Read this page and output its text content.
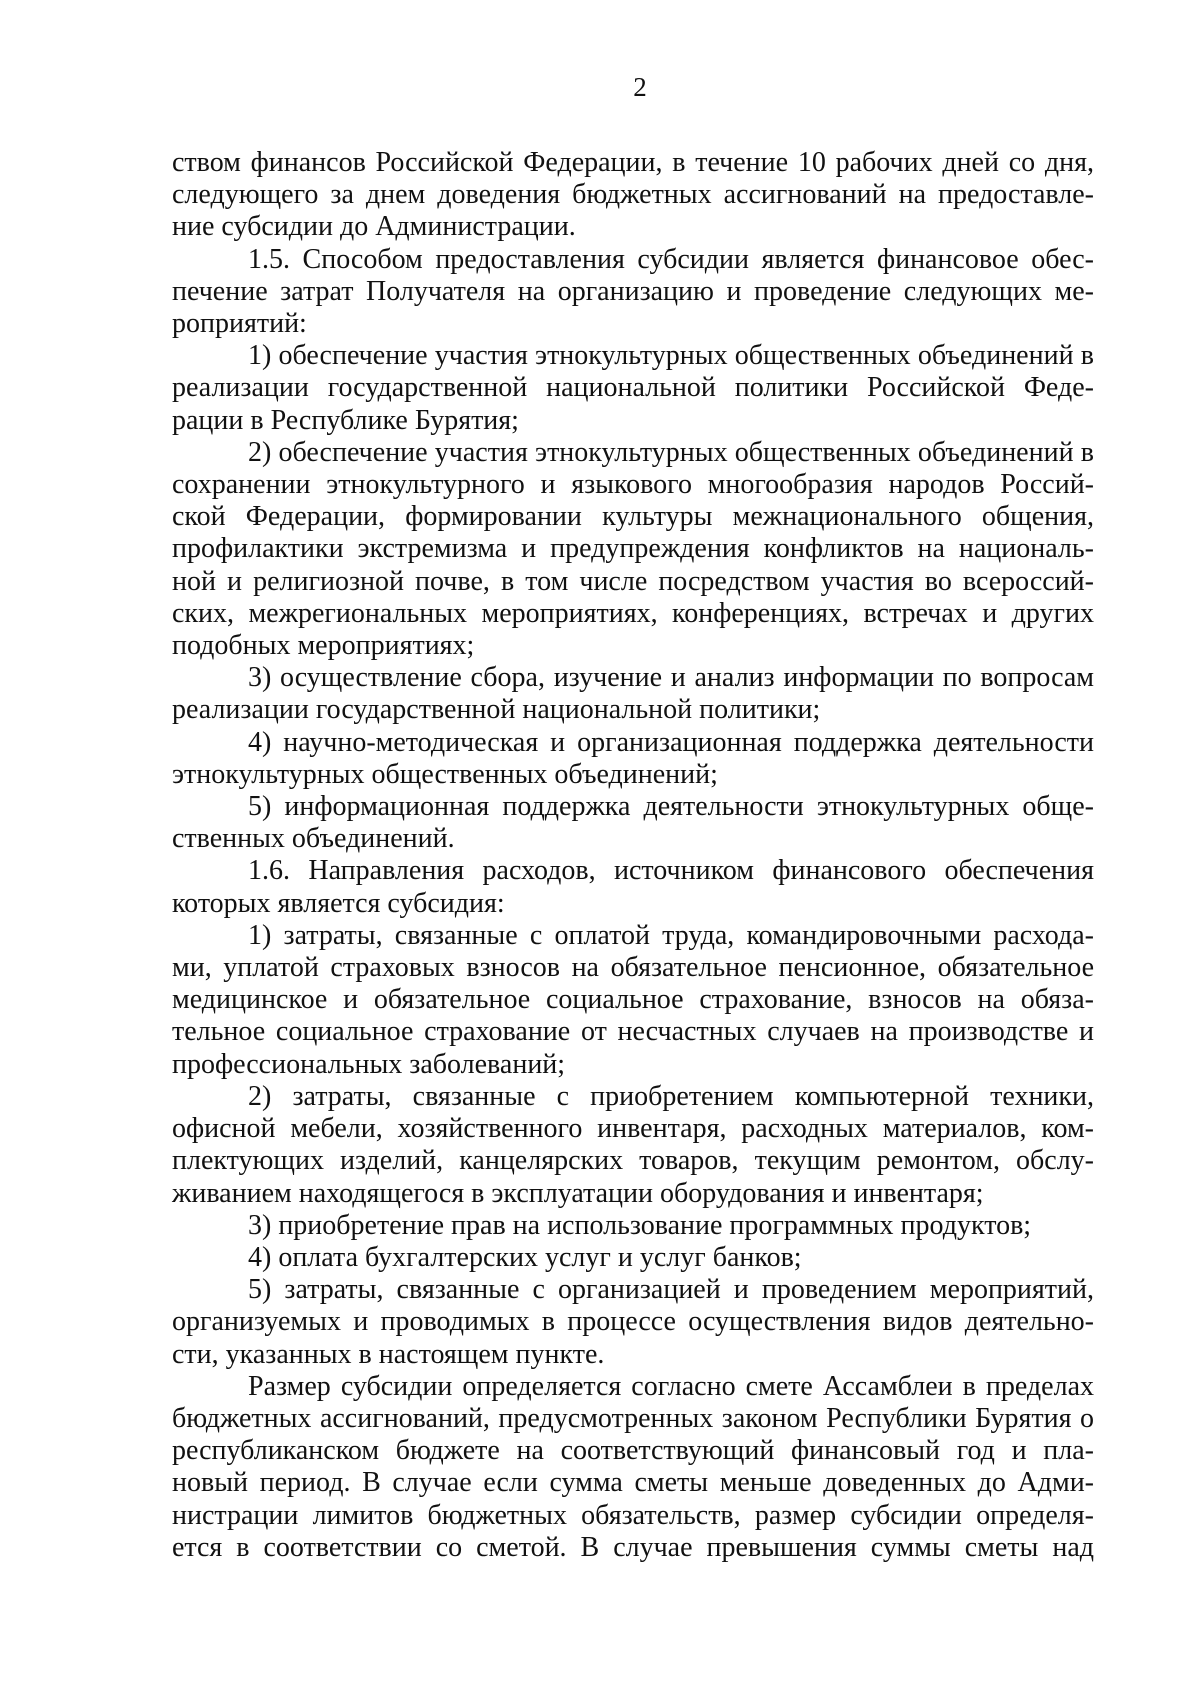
2

ством финансов Российской Федерации, в течение 10 рабочих дней со дня, следующего за днем доведения бюджетных ассигнований на предоставле-ние субсидии до Администрации.

1.5. Способом предоставления субсидии является финансовое обес-печение затрат Получателя на организацию и проведение следующих ме-роприятий:

1) обеспечение участия этнокультурных общественных объединений в реализации государственной национальной политики Российской Феде-рации в Республике Бурятия;

2) обеспечение участия этнокультурных общественных объединений в сохранении этнокультурного и языкового многообразия народов Россий-ской Федерации, формировании культуры межнационального общения, профилактики экстремизма и предупреждения конфликтов на националь-ной и религиозной почве, в том числе посредством участия во всероссий-ских, межрегиональных мероприятиях, конференциях, встречах и других подобных мероприятиях;

3) осуществление сбора, изучение и анализ информации по вопросам реализации государственной национальной политики;

4) научно-методическая и организационная поддержка деятельности этнокультурных общественных объединений;

5) информационная поддержка деятельности этнокультурных обще-ственных объединений.

1.6. Направления расходов, источником финансового обеспечения которых является субсидия:

1) затраты, связанные с оплатой труда, командировочными расхода-ми, уплатой страховых взносов на обязательное пенсионное, обязательное медицинское и обязательное социальное страхование, взносов на обяза-тельное социальное страхование от несчастных случаев на производстве и профессиональных заболеваний;

2) затраты, связанные с приобретением компьютерной техники, офисной мебели, хозяйственного инвентаря, расходных материалов, ком-плектующих изделий, канцелярских товаров, текущим ремонтом, обслу-живанием находящегося в эксплуатации оборудования и инвентаря;

3) приобретение прав на использование программных продуктов;

4) оплата бухгалтерских услуг и услуг банков;

5) затраты, связанные с организацией и проведением мероприятий, организуемых и проводимых в процессе осуществления видов деятельно-сти, указанных в настоящем пункте.

Размер субсидии определяется согласно смете Ассамблеи в пределах бюджетных ассигнований, предусмотренных законом Республики Бурятия о республиканском бюджете на соответствующий финансовый год и пла-новый период. В случае если сумма сметы меньше доведенных до Адми-нистрации лимитов бюджетных обязательств, размер субсидии определя-ется в соответствии со сметой. В случае превышения суммы сметы над
